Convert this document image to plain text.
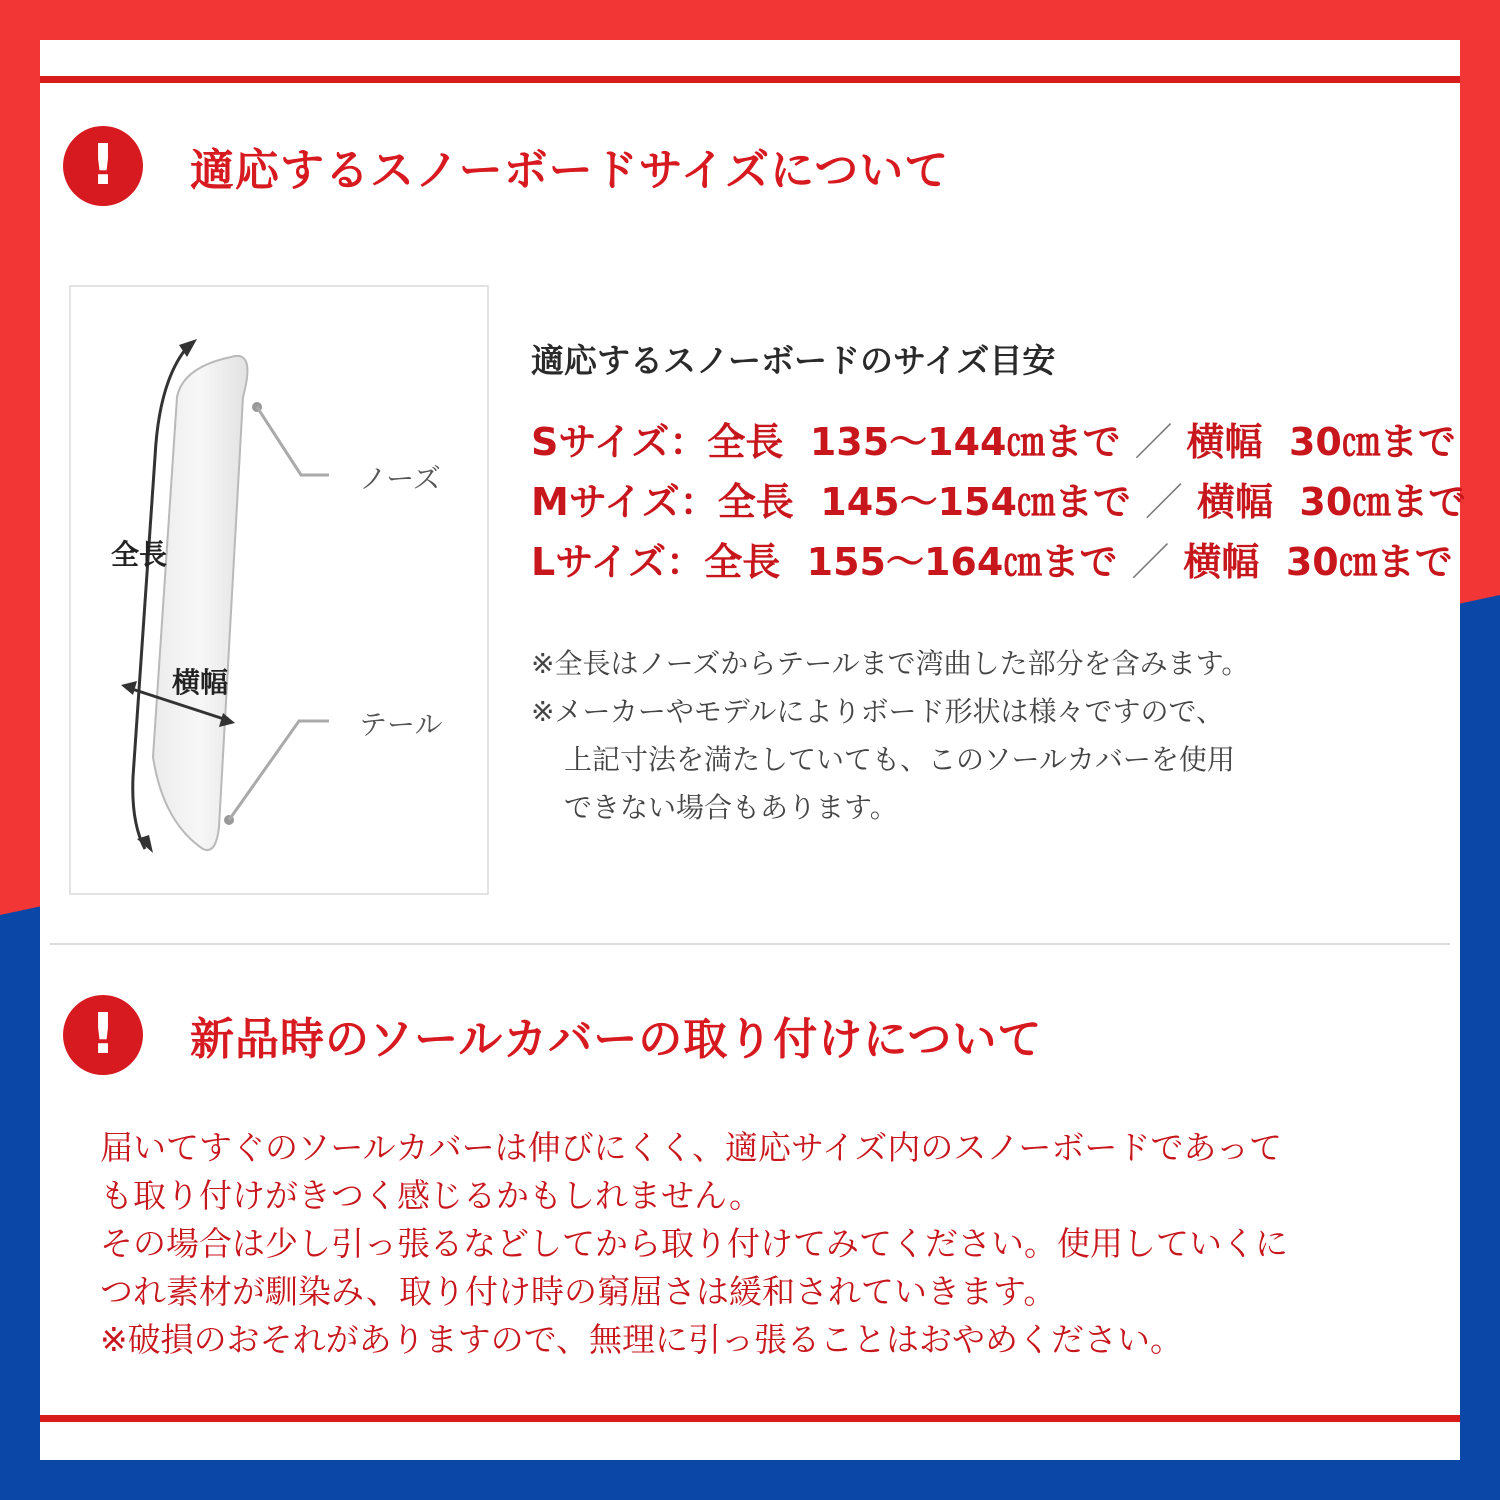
!	適応するスノーボードサイズについて
ノーズ
テール
全長
横幅
適応するスノーボードのサイズ目安
Sサイズ：全長 135〜144㎝まで ／ 横幅 30㎝まで
Mサイズ：全長 145〜154㎝まで ／ 横幅 30㎝まで
Lサイズ：全長 155〜164㎝まで ／ 横幅 30㎝まで
※全長はノーズからテールまで湾曲した部分を含みます。
※メーカーやモデルによりボード形状は様々ですので、
上記寸法を満たしていても、このソールカバーを使用
できない場合もあります。
!	新品時のソールカバーの取り付けについて
届いてすぐのソールカバーは伸びにくく、適応サイズ内のスノーボードであって
も取り付けがきつく感じるかもしれません。
その場合は少し引っ張るなどしてから取り付けてみてください。使用していくに
つれ素材が馴染み、取り付け時の窮屈さは緩和されていきます。
※破損のおそれがありますので、無理に引っ張ることはおやめください。
